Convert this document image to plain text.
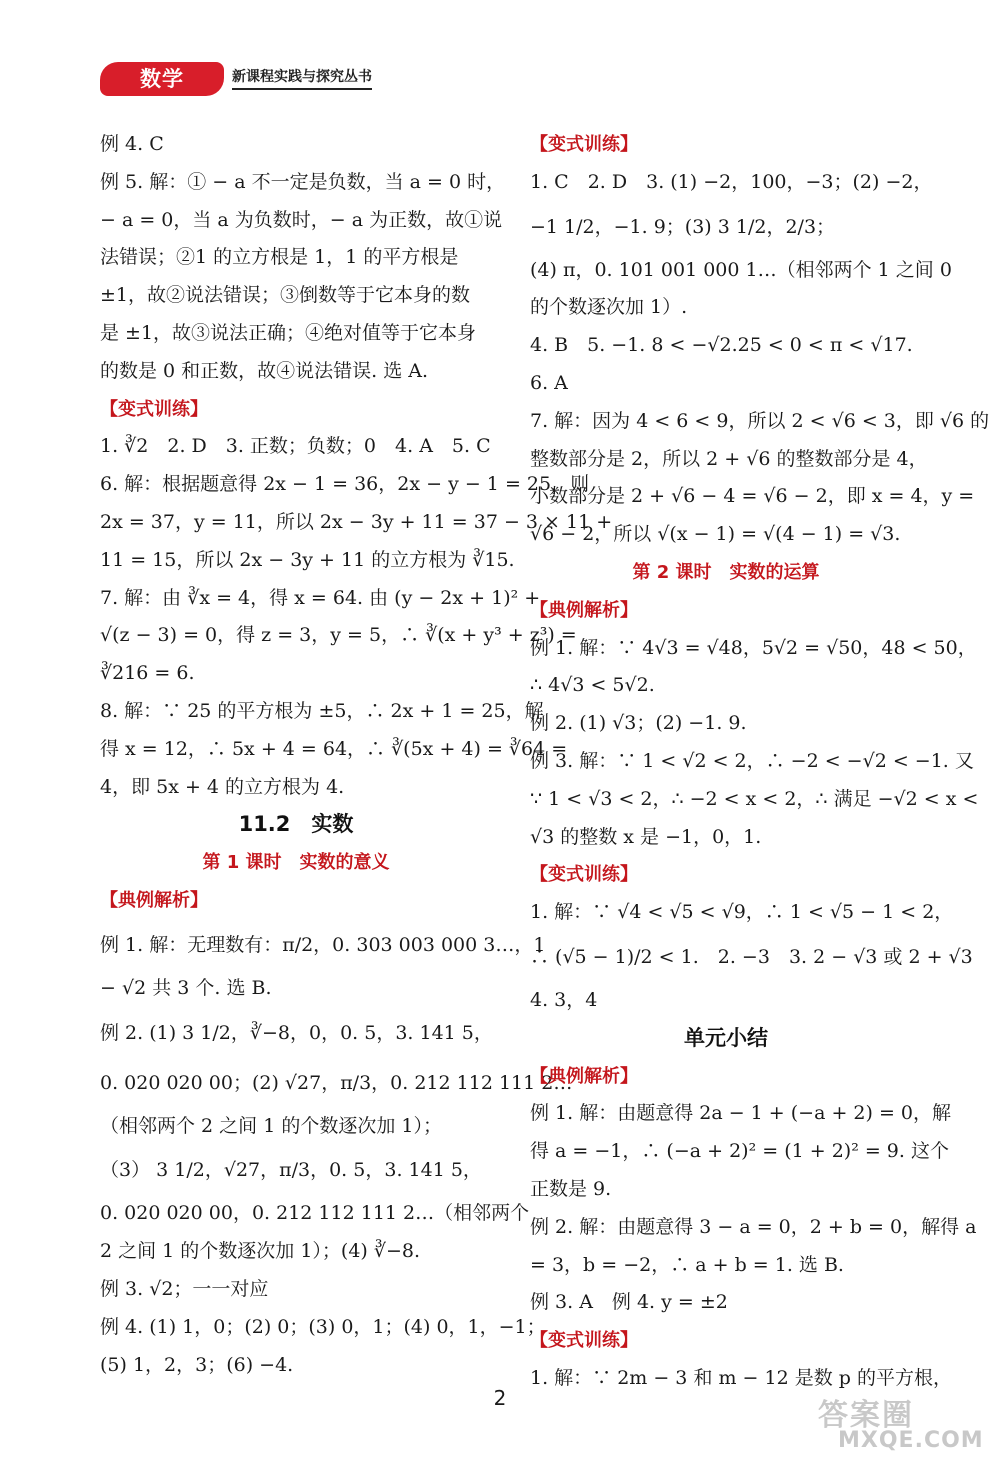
数学	新课程实践与探究丛书
例 4. C
例 5. 解：① − a 不一定是负数，当 a = 0 时，
− a = 0，当 a 为负数时，− a 为正数，故①说
法错误；②1 的立方根是 1，1 的平方根是
±1，故②说法错误；③倒数等于它本身的数
是 ±1，故③说法正确；④绝对值等于它本身
的数是 0 和正数，故④说法错误. 选 A.
【变式训练】
1. ∛2　2. D　3. 正数；负数；0　4. A　5. C
6. 解：根据题意得 2x − 1 = 36，2x − y − 1 = 25，则
2x = 37，y = 11，所以 2x − 3y + 11 = 37 − 3 × 11 +
11 = 15，所以 2x − 3y + 11 的立方根为 ∛15.
7. 解：由 ∛x = 4，得 x = 64. 由 (y − 2x + 1)² +
√(z − 3) = 0，得 z = 3，y = 5，∴ ∛(x + y³ + z³) =
∛216 = 6.
8. 解：∵ 25 的平方根为 ±5，∴ 2x + 1 = 25，解
得 x = 12，∴ 5x + 4 = 64，∴ ∛(5x + 4) = ∛64 =
4，即 5x + 4 的立方根为 4.
11.2　实数
第 1 课时　实数的意义
【典例解析】
例 1. 解：无理数有：π/2，0. 303 003 000 3…，1
− √2 共 3 个. 选 B.
例 2. (1) 3 1/2，∛−8，0，0. 5，3. 141 5，
0. 020 020 00；(2) √27，π/3，0. 212 112 111 2…
（相邻两个 2 之间 1 的个数逐次加 1）；
（3） 3 1/2，√27，π/3，0. 5，3. 141 5，
0. 020 020 00，0. 212 112 111 2…（相邻两个
2 之间 1 的个数逐次加 1）；(4) ∛−8.
例 3. √2；一一对应
例 4. (1) 1，0；(2) 0；(3) 0，1；(4) 0，1，−1；
(5) 1，2，3；(6) −4.
【变式训练】
1. C　2. D　3. (1) −2，100，−3；(2) −2，
−1 1/2，−1. 9；(3) 3 1/2，2/3；
(4) π，0. 101 001 000 1…（相邻两个 1 之间 0
的个数逐次加 1）.
4. B　5. −1. 8 < −√2.25 < 0 < π < √17.
6. A
7. 解：因为 4 < 6 < 9，所以 2 < √6 < 3，即 √6 的
整数部分是 2，所以 2 + √6 的整数部分是 4，
小数部分是 2 + √6 − 4 = √6 − 2，即 x = 4，y =
√6 − 2，所以 √(x − 1) = √(4 − 1) = √3.
第 2 课时　实数的运算
【典例解析】
例 1. 解：∵ 4√3 = √48，5√2 = √50，48 < 50，
∴ 4√3 < 5√2.
例 2. (1) √3；(2) −1. 9.
例 3. 解：∵ 1 < √2 < 2，∴ −2 < −√2 < −1. 又
∵ 1 < √3 < 2，∴ −2 < x < 2，∴ 满足 −√2 < x <
√3 的整数 x 是 −1，0，1.
【变式训练】
1. 解：∵ √4 < √5 < √9，∴ 1 < √5 − 1 < 2，
∴ (√5 − 1)/2 < 1.　2. −3　3. 2 − √3 或 2 + √3
4. 3，4
单元小结
【典例解析】
例 1. 解：由题意得 2a − 1 + (−a + 2) = 0，解
得 a = −1，∴ (−a + 2)² = (1 + 2)² = 9. 这个
正数是 9.
例 2. 解：由题意得 3 − a = 0，2 + b = 0，解得 a
= 3，b = −2，∴ a + b = 1. 选 B.
例 3. A　例 4. y = ±2
【变式训练】
1. 解：∵ 2m − 3 和 m − 12 是数 p 的平方根，
2	答案圈
MXQE.COM
